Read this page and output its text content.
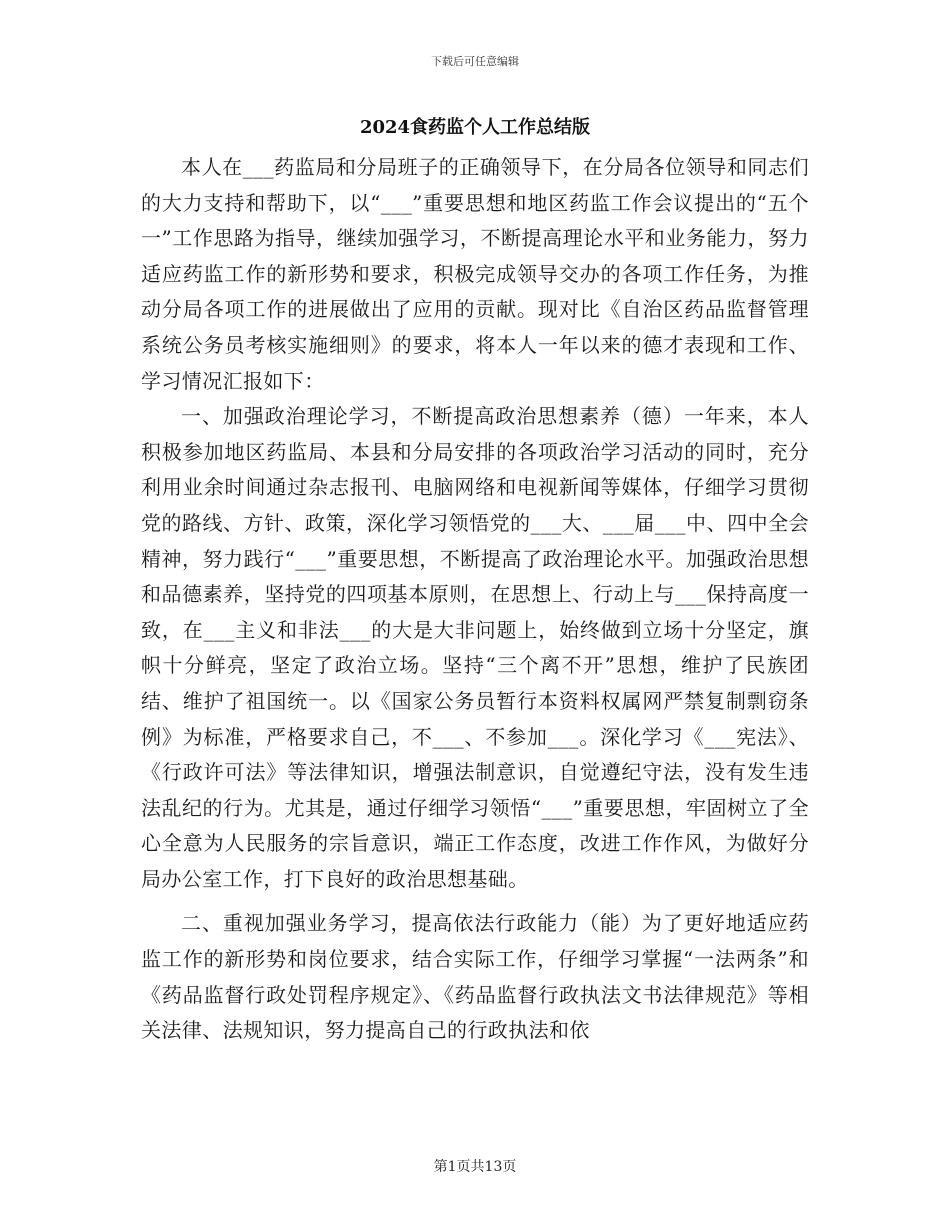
下载后可任意编辑
2024食药监个人工作总结版

本人在___药监局和分局班子的正确领导下，在分局各位领导和同志们的大力支持和帮助下，以“___”重要思想和地区药监工作会议提出的“五个一”工作思路为指导，继续加强学习，不断提高理论水平和业务能力，努力适应药监工作的新形势和要求，积极完成领导交办的各项工作任务，为推动分局各项工作的进展做出了应用的贡献。现对比《自治区药品监督管理系统公务员考核实施细则》的要求，将本人一年以来的德才表现和工作、学习情况汇报如下：

一、加强政治理论学习，不断提高政治思想素养（德）一年来，本人积极参加地区药监局、本县和分局安排的各项政治学习活动的同时，充分利用业余时间通过杂志报刊、电脑网络和电视新闻等媒体，仔细学习贯彻党的路线、方针、政策，深化学习领悟党的___大、___届___中、四中全会精神，努力践行“___”重要思想，不断提高了政治理论水平。加强政治思想和品德素养，坚持党的四项基本原则，在思想上、行动上与___保持高度一致，在___主义和非法___的大是大非问题上，始终做到立场十分坚定，旗帜十分鲜亮，坚定了政治立场。坚持“三个离不开”思想，维护了民族团结、维护了祖国统一。以《国家公务员暂行本资料权属网严禁复制剽窃条例》为标准，严格要求自己，不___、不参加___。深化学习《___宪法》、《行政许可法》等法律知识，增强法制意识，自觉遵纪守法，没有发生违法乱纪的行为。尤其是，通过仔细学习领悟“___”重要思想，牢固树立了全心全意为人民服务的宗旨意识，端正工作态度，改进工作作风，为做好分局办公室工作，打下良好的政治思想基础。

二、重视加强业务学习，提高依法行政能力（能）为了更好地适应药监工作的新形势和岗位要求，结合实际工作，仔细学习掌握“一法两条”和《药品监督行政处罚程序规定》、《药品监督行政执法文书法律规范》等相关法律、法规知识，努力提高自己的行政执法和依

第1页共13页
